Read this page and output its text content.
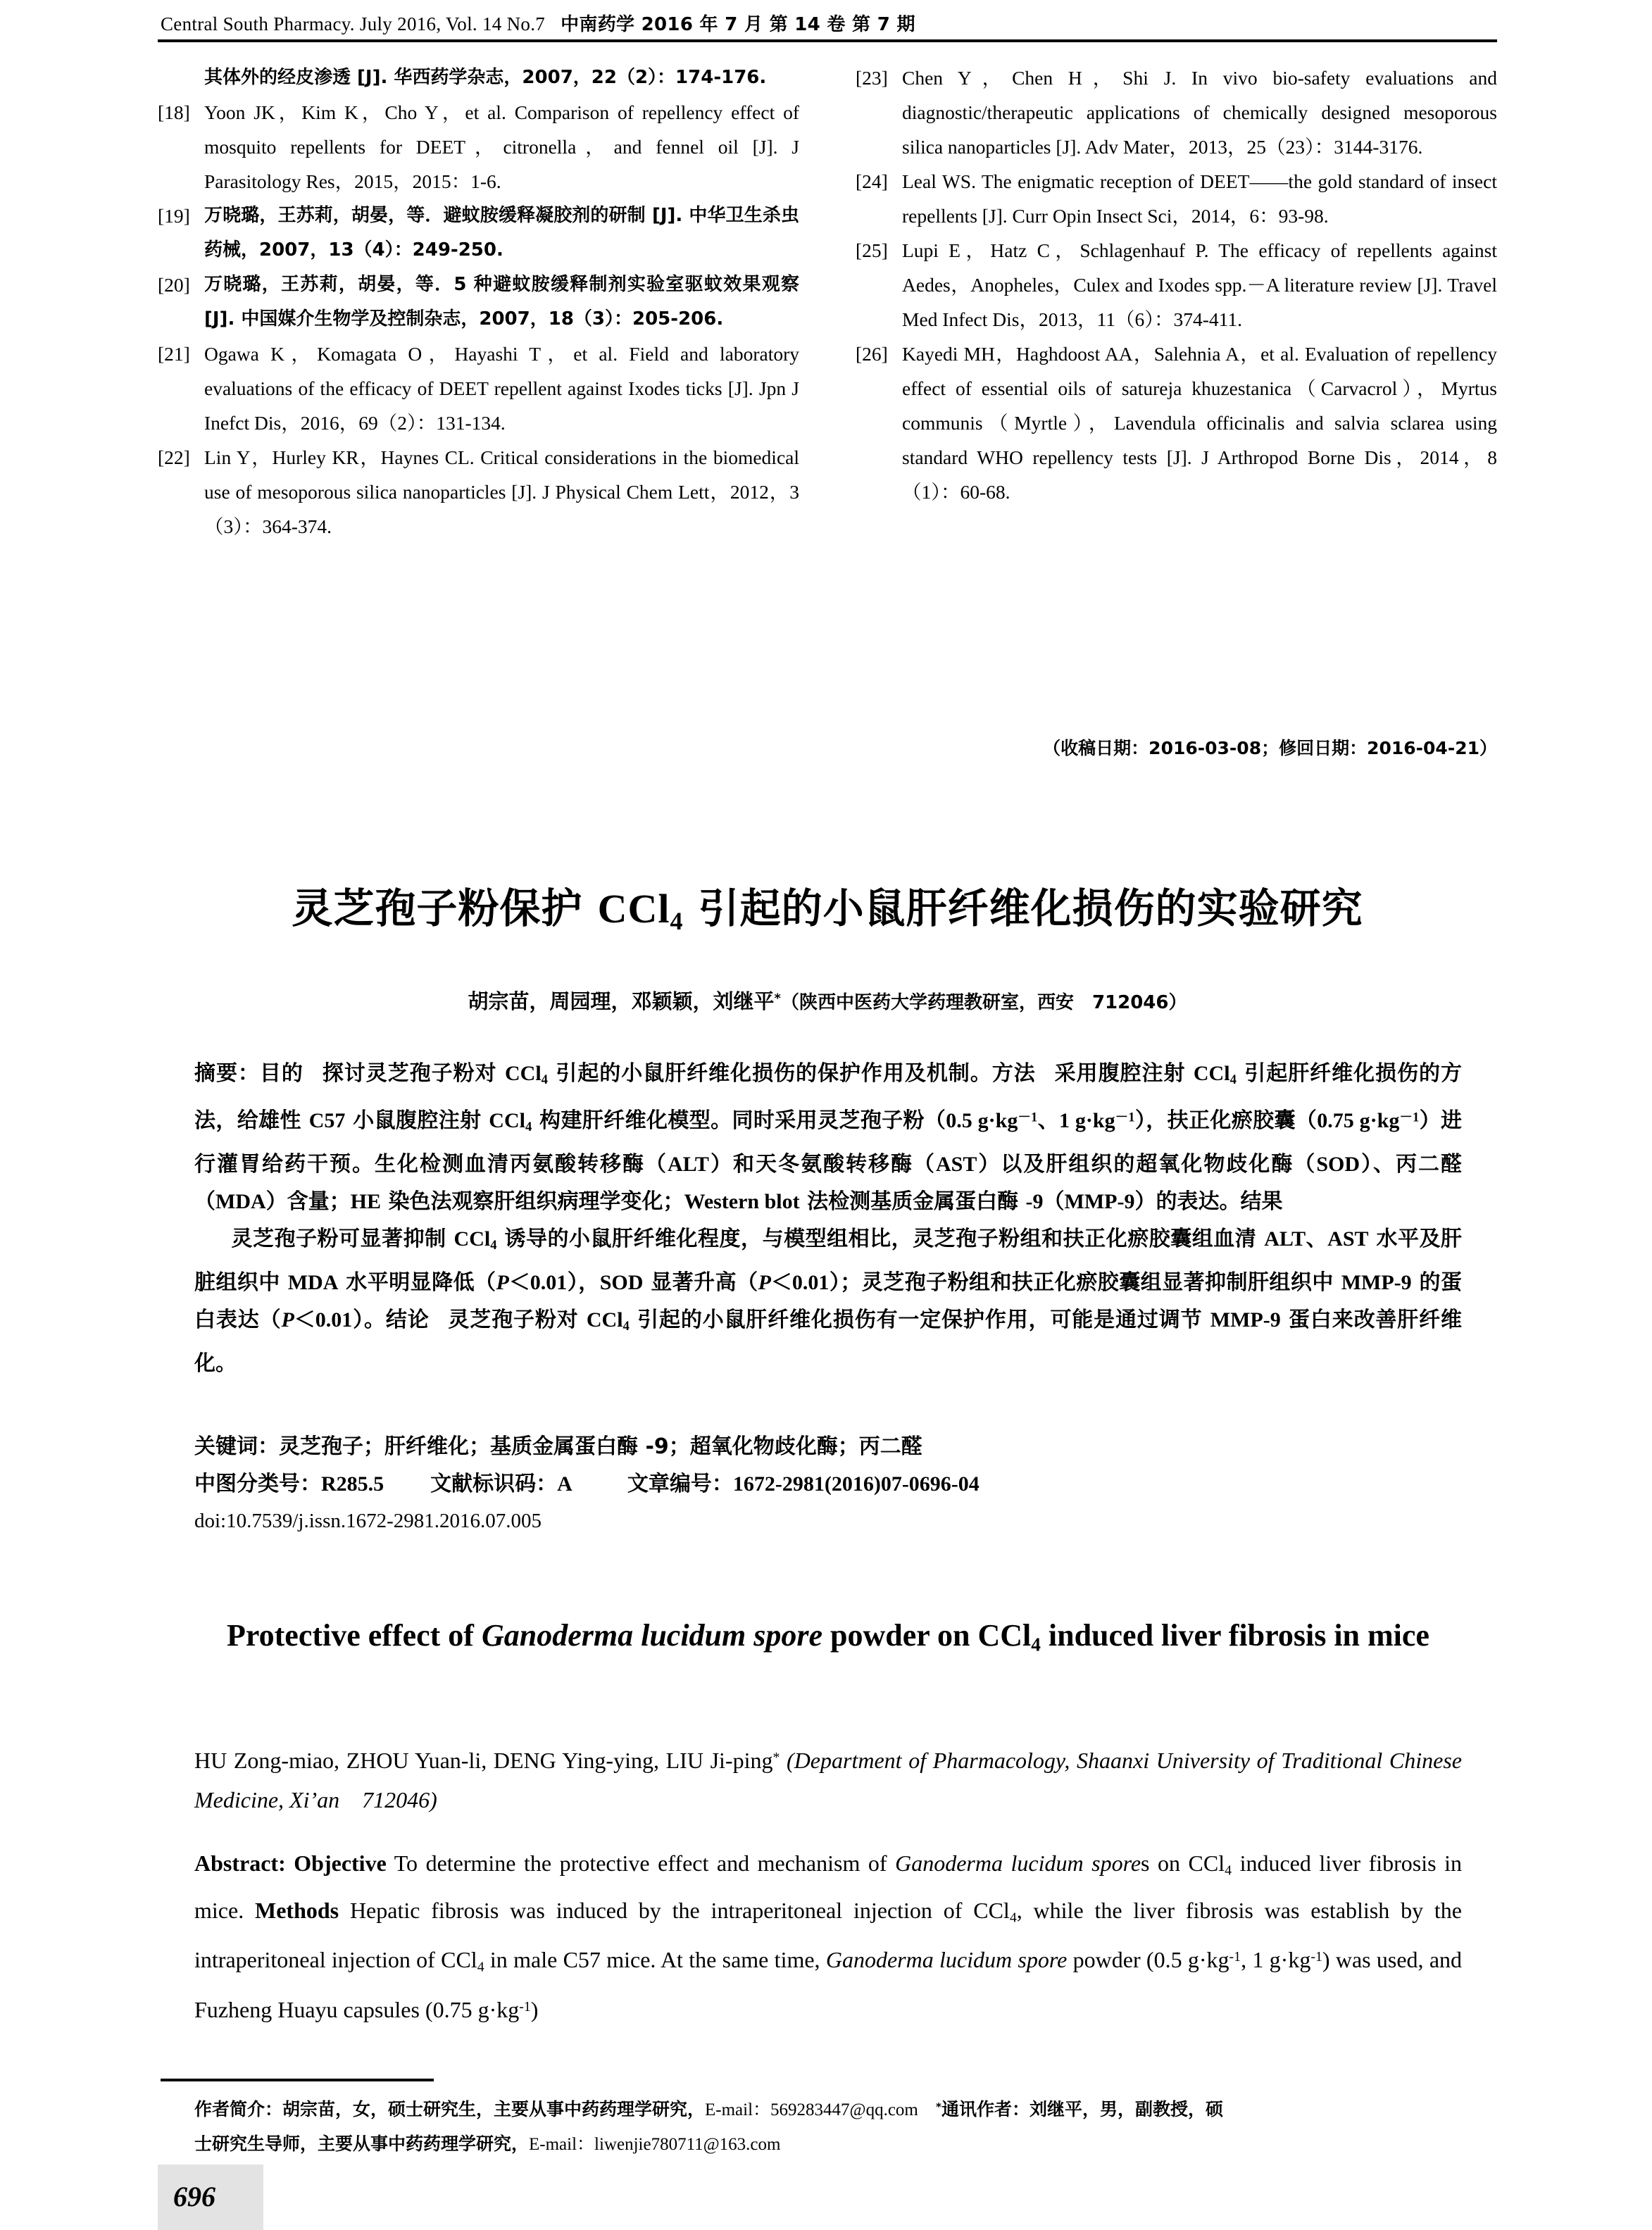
Central South Pharmacy. July 2016, Vol. 14 No.7 中南药学 2016 年 7 月 第 14 卷 第 7 期
其体外的经皮渗透 [J]. 华西药学杂志，2007，22（2）：174-176.
[18] Yoon JK，Kim K，Cho Y，et al. Comparison of repellency effect of mosquito repellents for DEET，citronella，and fennel oil [J]. J Parasitology Res，2015，2015：1-6.
[19] 万晓璐，王苏莉，胡晏，等．避蚊胺缓释凝胶剂的研制 [J]. 中华卫生杀虫药械，2007，13（4）：249-250.
[20] 万晓璐，王苏莉，胡晏，等．5 种避蚊胺缓释制剂实验室驱蚊效果观察 [J]. 中国媒介生物学及控制杂志，2007，18（3）：205-206.
[21] Ogawa K，Komagata O，Hayashi T，et al. Field and laboratory evaluations of the efficacy of DEET repellent against Ixodes ticks [J]. Jpn J Inefct Dis，2016，69（2）：131-134.
[22] Lin Y，Hurley KR，Haynes CL. Critical considerations in the biomedical use of mesoporous silica nanoparticles [J]. J Physical Chem Lett，2012，3（3）：364-374.
[23] Chen Y，Chen H，Shi J. In vivo bio-safety evaluations and diagnostic/therapeutic applications of chemically designed mesoporous silica nanoparticles [J]. Adv Mater，2013，25（23）：3144-3176.
[24] Leal WS. The enigmatic reception of DEET——the gold standard of insect repellents [J]. Curr Opin Insect Sci，2014，6：93-98.
[25] Lupi E，Hatz C，Schlagenhauf P. The efficacy of repellents against Aedes，Anopheles，Culex and Ixodes spp.－A literature review [J]. Travel Med Infect Dis，2013，11（6）：374-411.
[26] Kayedi MH，Haghdoost AA，Salehnia A，et al. Evaluation of repellency effect of essential oils of satureja khuzestanica（Carvacrol），Myrtus communis（Myrtle），Lavendula officinalis and salvia sclarea using standard WHO repellency tests [J]. J Arthropod Borne Dis，2014，8（1）：60-68.
（收稿日期：2016-03-08；修回日期：2016-04-21）
灵芝孢子粉保护 CCl$_4$ 引起的小鼠肝纤维化损伤的实验研究
胡宗苗，周园理，邓颖颖，刘继平*（陕西中医药大学药理教研室，西安　712046）
摘要：目的 探讨灵芝孢子粉对 CCl$_4$ 引起的小鼠肝纤维化损伤的保护作用及机制。方法 采用腹腔注射 CCl$_4$ 引起肝纤维化损伤的方法，给雄性 C57 小鼠腹腔注射 CCl$_4$ 构建肝纤维化模型。同时采用灵芝孢子粉（0.5 $g\cdot kg^{-1}$、1 $g\cdot kg^{-1}$），扶正化瘀胶囊（0.75 $g\cdot kg^{-1}$）进行灌胃给药干预。生化检测血清丙氨酸转移酶（ALT）和天冬氨酸转移酶（AST）以及肝组织的超氧化物歧化酶（SOD）、丙二醛（MDA）含量；HE 染色法观察肝组织病理学变化；Western blot 法检测基质金属蛋白酶 -9（MMP-9）的表达。结果
灵芝孢子粉可显著抑制 CCl$_4$ 诱导的小鼠肝纤维化程度，与模型组相比，灵芝孢子粉组和扶正化瘀胶囊组血清 ALT、AST 水平及肝脏组织中 MDA 水平明显降低（P＜0.01），SOD 显著升高（P＜0.01）；灵芝孢子粉组和扶正化瘀胶囊组显著抑制肝组织中 MMP-9 的蛋白表达（P＜0.01）。结论 灵芝孢子粉对 CCl$_4$ 引起的小鼠肝纤维化损伤有一定保护作用，可能是通过调节 MMP-9 蛋白来改善肝纤维化。
关键词：灵芝孢子；肝纤维化；基质金属蛋白酶 -9；超氧化物歧化酶；丙二醛
中图分类号：R285.5 文献标识码：A	文章编号：1672-2981(2016)07-0696-04
doi:10.7539/j.issn.1672-2981.2016.07.005
Protective effect of Ganoderma lucidum spore powder on CCl$_4$ induced liver fibrosis in mice
HU Zong-miao, ZHOU Yuan-li, DENG Ying-ying, LIU Ji-ping* (Department of Pharmacology, Shaanxi University of Traditional Chinese Medicine, Xi’an　712046)
Abstract: Objective To determine the protective effect and mechanism of Ganoderma lucidum spores on CCl$_4$ induced liver fibrosis in mice. Methods Hepatic fibrosis was induced by the intraperitoneal injection of CCl$_4$, while the liver fibrosis was establish by the intraperitoneal injection of CCl$_4$ in male C57 mice. At the same time, Ganoderma lucidum spore powder (0.5 $g\cdot kg^{-1}$, 1 $g\cdot kg^{-1}$) was used, and Fuzheng Huayu capsules (0.75 $g\cdot kg^{-1}$)
作者简介：胡宗苗，女，硕士研究生，主要从事中药药理学研究，E-mail：569283447@qq.com　 *通讯作者：刘继平，男，副教授，硕
士研究生导师，主要从事中药药理学研究，E-mail：liwenjie780711@163.com
696
